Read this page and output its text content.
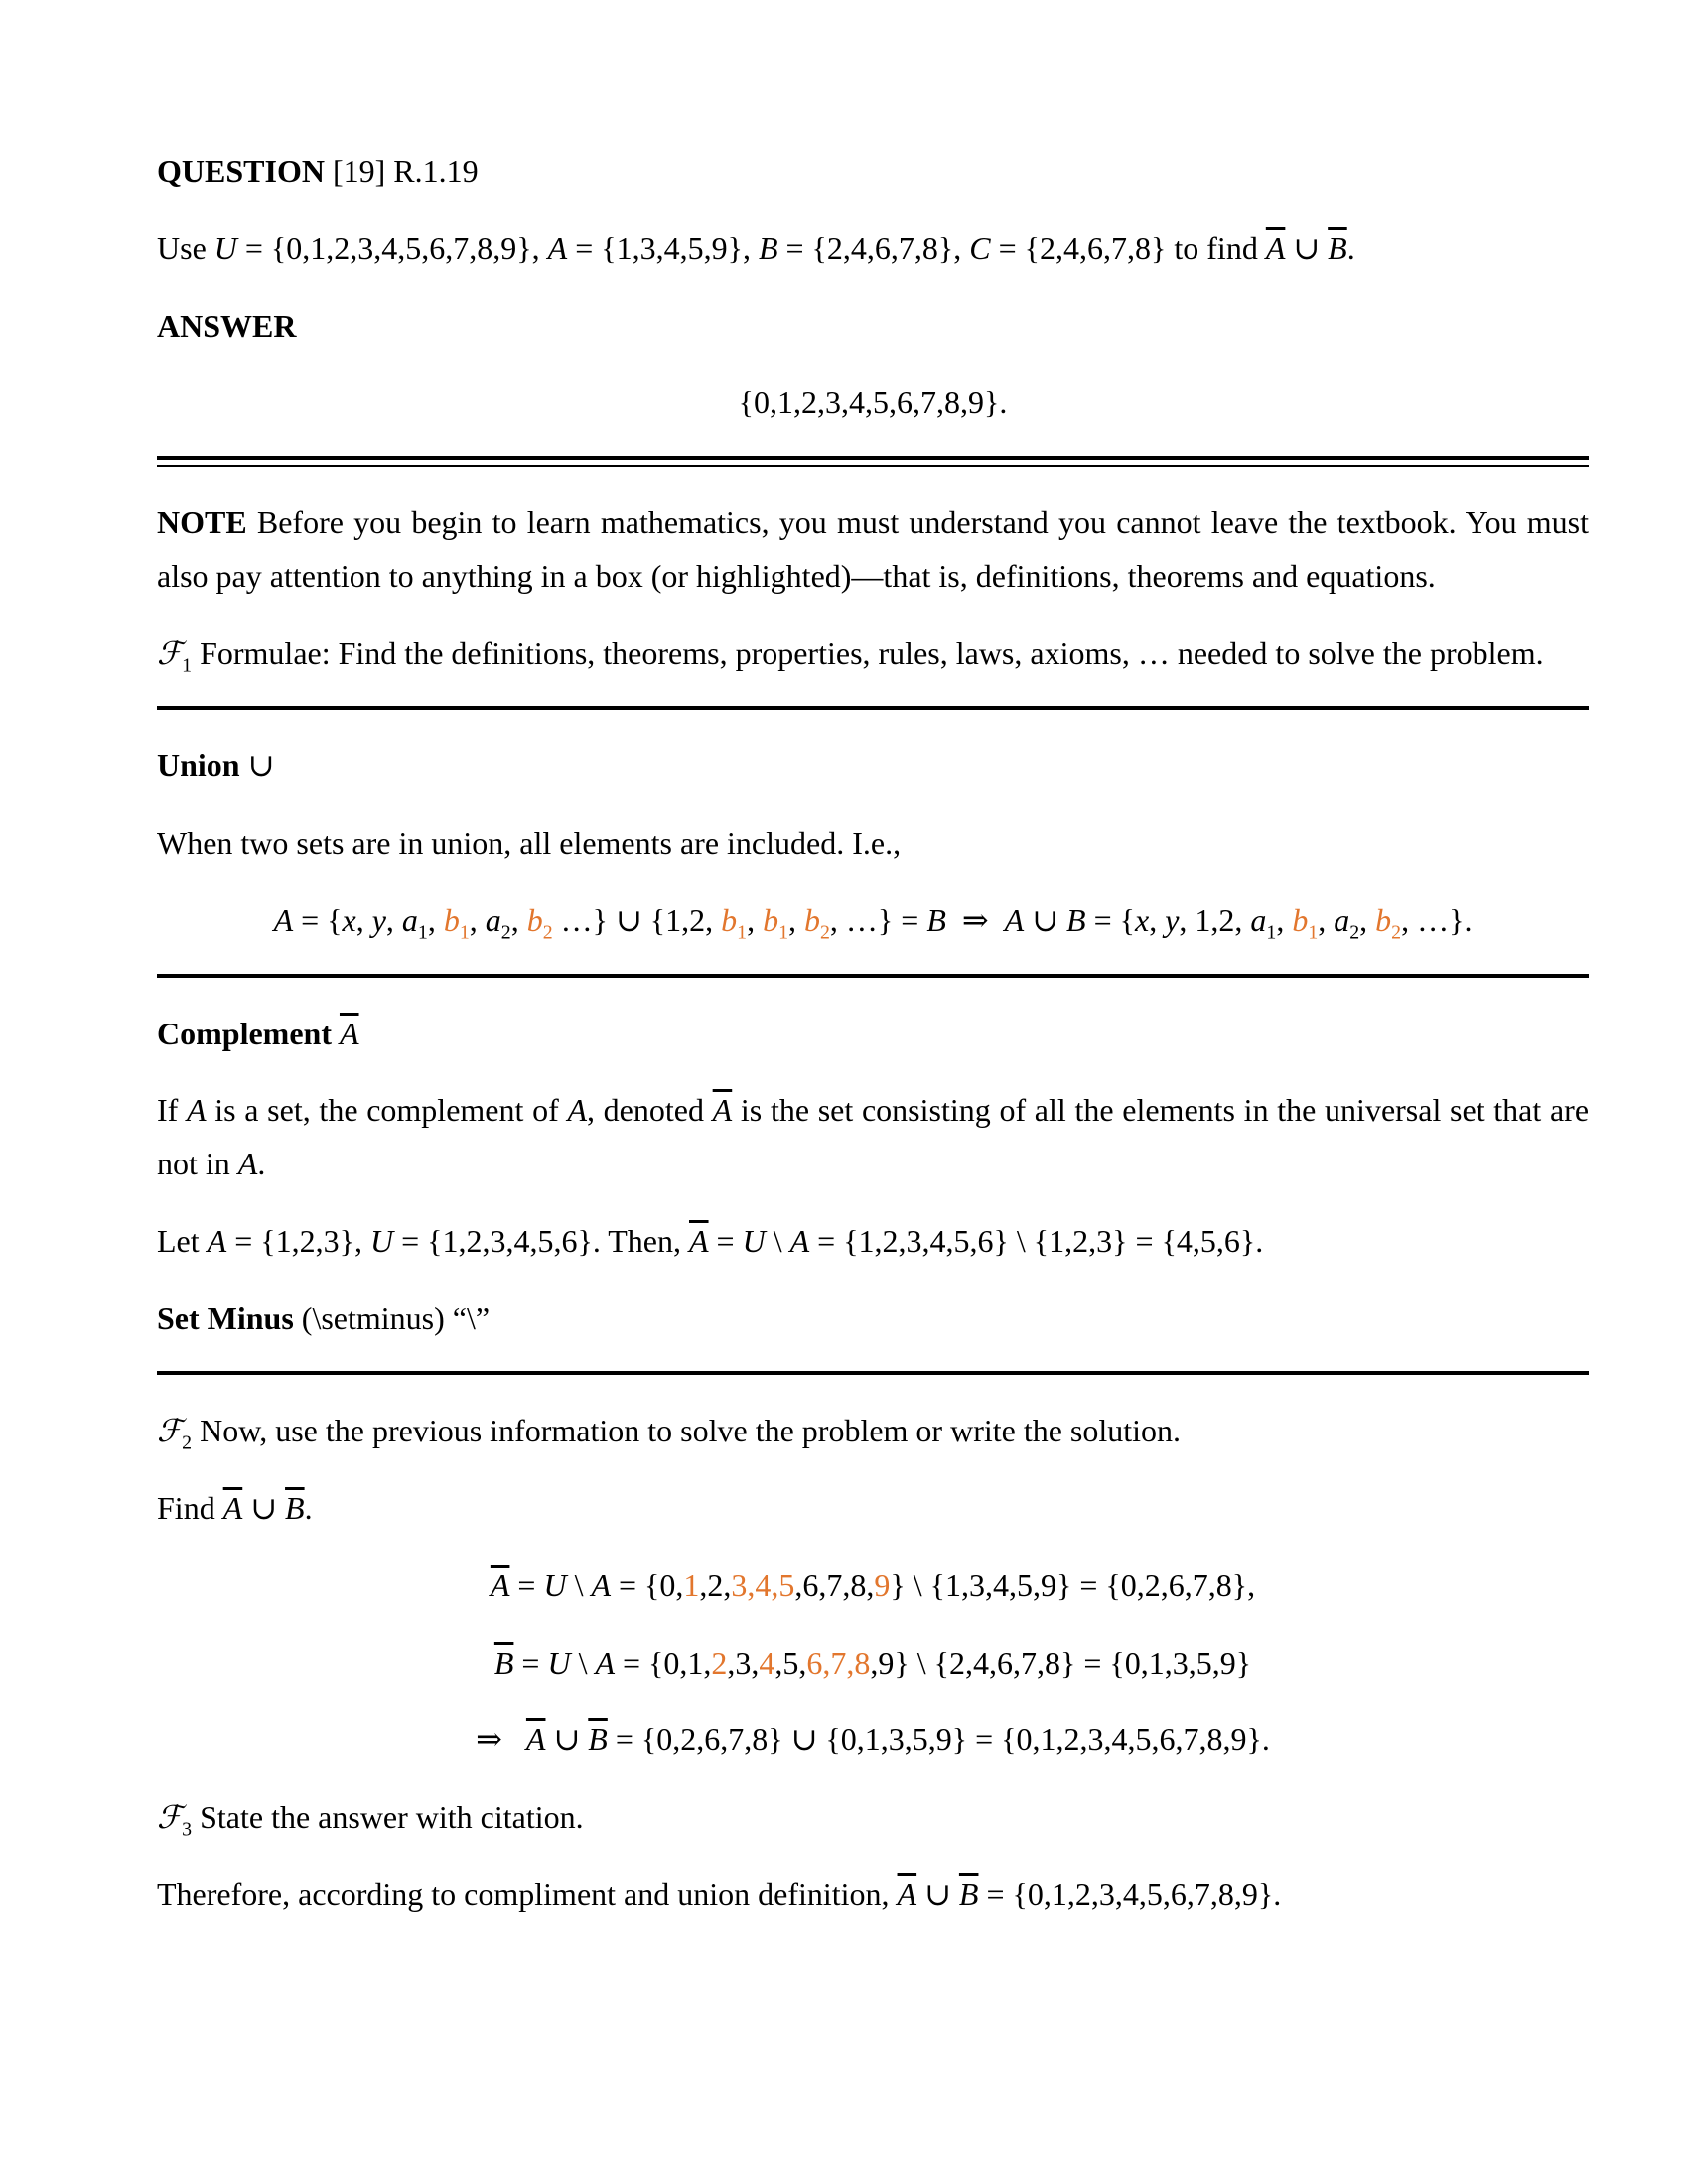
QUESTION [19] R.1.19

Use U = {0,1,2,3,4,5,6,7,8,9}, A = {1,3,4,5,9}, B = {2,4,6,7,8}, C = {2,4,6,7,8} to find $\overline{A}$ ∪ $\overline{B}$.

ANSWER

{0,1,2,3,4,5,6,7,8,9}.

NOTE Before you begin to learn mathematics, you must understand you cannot leave the textbook. You must also pay attention to anything in a box (or highlighted)—that is, definitions, theorems and equations.

ℱ$_1$ Formulae: Find the definitions, theorems, properties, rules, laws, axioms, … needed to solve the problem.

Union ∪

When two sets are in union, all elements are included. I.e.,

A = {x, y, $a_1$, $b_1$, $a_2$, $b_2$ …} ∪ {1,2, $b_1$, $b_1$, $b_2$, …} = B  ⇒  A ∪ B = {x, y, 1,2, $a_1$, $b_1$, $a_2$, $b_2$, …}.

Complement $\overline{A}$

If A is a set, the complement of A, denoted $\overline{A}$ is the set consisting of all the elements in the universal set that are not in A.

Let A = {1,2,3}, U = {1,2,3,4,5,6}. Then, $\overline{A} = U$ \ A = {1,2,3,4,5,6} \ {1,2,3} = {4,5,6}.

Set Minus (\setminus) “\”

ℱ$_2$ Now, use the previous information to solve the problem or write the solution.

Find $\overline{A}$ ∪ $\overline{B}$.

$\overline{A} = U$ \ A = {0,1,2,3,4,5,6,7,8,9} \ {1,3,4,5,9} = {0,2,6,7,8},

$\overline{B} = U$ \ A = {0,1,2,3,4,5,6,7,8,9} \ {2,4,6,7,8} = {0,1,3,5,9}

⇒   $\overline{A}$ ∪ $\overline{B} = \{0,2,6,7,8\}$ ∪ {0,1,3,5,9} = {0,1,2,3,4,5,6,7,8,9}.

ℱ$_3$ State the answer with citation.

Therefore, according to compliment and union definition, $\overline{A}$ ∪ $\overline{B} = \{0,1,2,3,4,5,6,7,8,9\}$.
